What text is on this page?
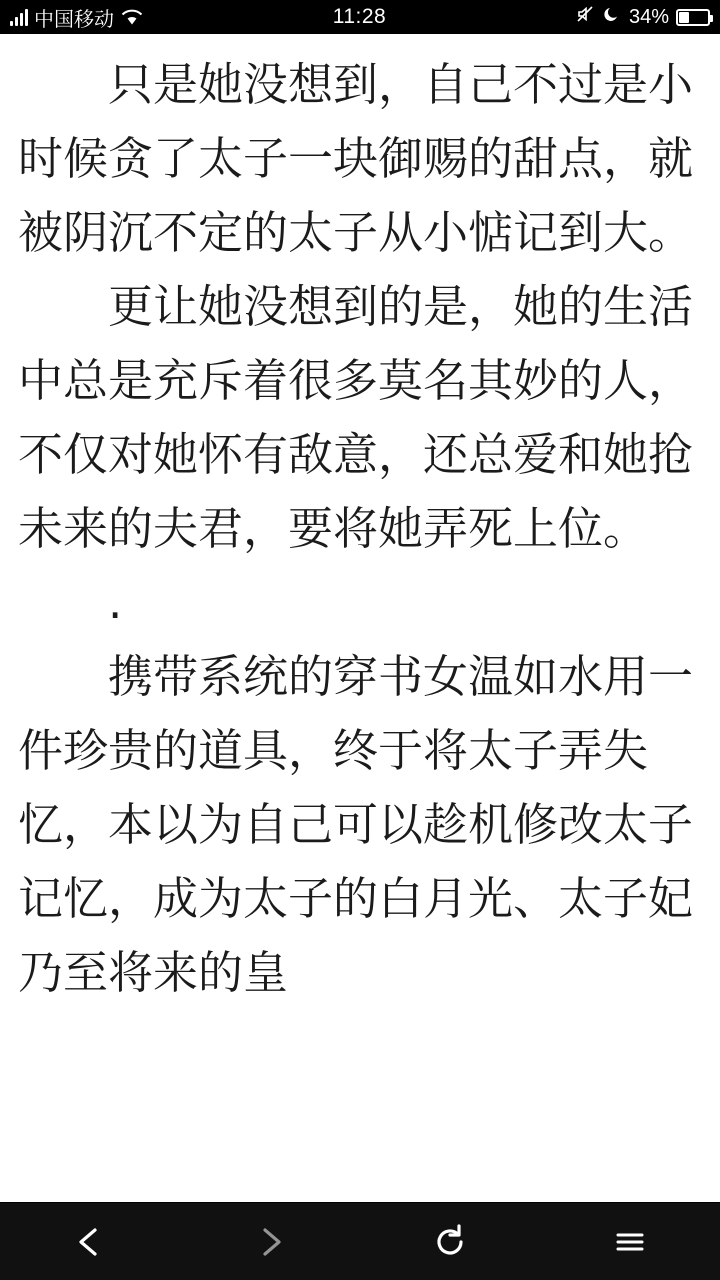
中国移动	11:28	34%

只是她没想到，自己不过是小时候贪了太子一块御赐的甜点，就被阴沉不定的太子从小惦记到大。

更让她没想到的是，她的生活中总是充斥着很多莫名其妙的人，不仅对她怀有敌意，还总爱和她抢未来的夫君，要将她弄死上位。

.

携带系统的穿书女温如水用一件珍贵的道具，终于将太子弄失忆，本以为自己可以趁机修改太子记忆，成为太子的白月光、太子妃乃至将来的皇
